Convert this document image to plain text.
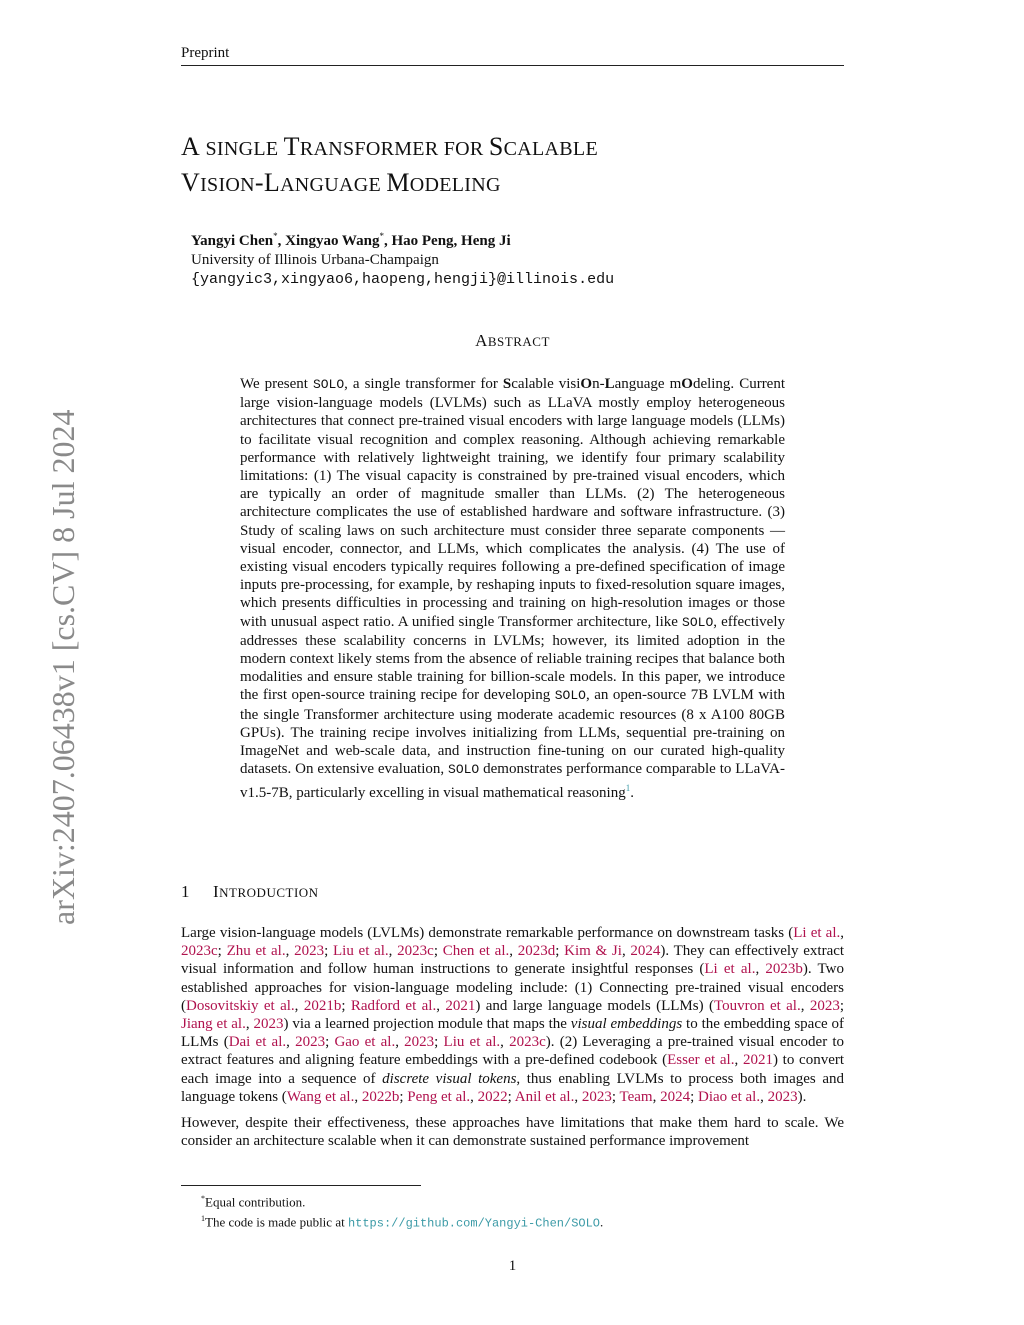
Preprint
A SINGLE TRANSFORMER FOR SCALABLE
VISION-LANGUAGE MODELING
Yangyi Chen*, Xingyao Wang*, Hao Peng, Heng Ji
University of Illinois Urbana-Champaign
{yangyic3,xingyao6,haopeng,hengji}@illinois.edu
ABSTRACT
We present SOLO, a single transformer for Scalable visiOn-Language mOdeling. Current large vision-language models (LVLMs) such as LLaVA mostly employ heterogeneous architectures that connect pre-trained visual encoders with large language models (LLMs) to facilitate visual recognition and complex reasoning. Although achieving remarkable performance with relatively lightweight training, we identify four primary scalability limitations: (1) The visual capacity is constrained by pre-trained visual encoders, which are typically an order of magnitude smaller than LLMs. (2) The heterogeneous architecture complicates the use of established hardware and software infrastructure. (3) Study of scaling laws on such architecture must consider three separate components — visual encoder, connector, and LLMs, which complicates the analysis. (4) The use of existing visual encoders typically requires following a pre-defined specification of image inputs pre-processing, for example, by reshaping inputs to fixed-resolution square images, which presents difficulties in processing and training on high-resolution images or those with unusual aspect ratio. A unified single Transformer architecture, like SOLO, effectively addresses these scalability concerns in LVLMs; however, its limited adoption in the modern context likely stems from the absence of reliable training recipes that balance both modalities and ensure stable training for billion-scale models. In this paper, we introduce the first open-source training recipe for developing SOLO, an open-source 7B LVLM with the single Transformer architecture using moderate academic resources (8 x A100 80GB GPUs). The training recipe involves initializing from LLMs, sequential pre-training on ImageNet and web-scale data, and instruction fine-tuning on our curated high-quality datasets. On extensive evaluation, SOLO demonstrates performance comparable to LLaVA-v1.5-7B, particularly excelling in visual mathematical reasoning$^1$.
1 INTRODUCTION

Large vision-language models (LVLMs) demonstrate remarkable performance on downstream tasks (Li et al., 2023c; Zhu et al., 2023; Liu et al., 2023c; Chen et al., 2023d; Kim & Ji, 2024). They can effectively extract visual information and follow human instructions to generate insightful responses (Li et al., 2023b). Two established approaches for vision-language modeling include: (1) Connecting pre-trained visual encoders (Dosovitskiy et al., 2021b; Radford et al., 2021) and large language models (LLMs) (Touvron et al., 2023; Jiang et al., 2023) via a learned projection module that maps the visual embeddings to the embedding space of LLMs (Dai et al., 2023; Gao et al., 2023; Liu et al., 2023c). (2) Leveraging a pre-trained visual encoder to extract features and aligning feature embeddings with a pre-defined codebook (Esser et al., 2021) to convert each image into a sequence of discrete visual tokens, thus enabling LVLMs to process both images and language tokens (Wang et al., 2022b; Peng et al., 2022; Anil et al., 2023; Team, 2024; Diao et al., 2023).

However, despite their effectiveness, these approaches have limitations that make them hard to scale. We consider an architecture scalable when it can demonstrate sustained performance improvement

*Equal contribution.
$^1$The code is made public at https://github.com/Yangyi-Chen/SOLO.
1
arXiv:2407.06438v1 [cs.CV] 8 Jul 2024
